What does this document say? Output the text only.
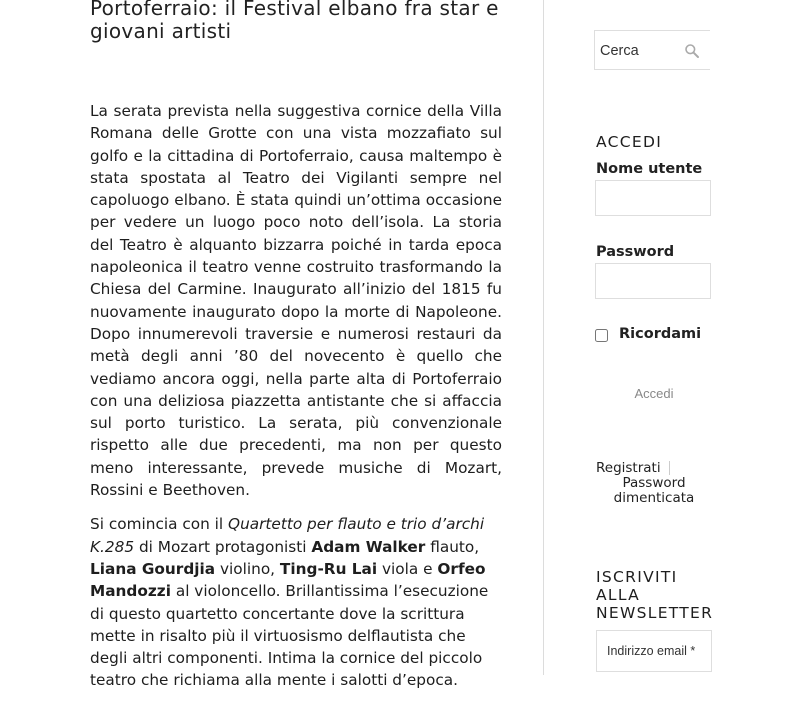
Portoferraio: il Festival elbano fra star e giovani artisti

La serata prevista nella suggestiva cornice della Villa Romana delle Grotte con una vista mozzafiato sul golfo e la cittadina di Portoferraio, causa maltempo è stata spostata al Teatro dei Vigilanti sempre nel capoluogo elbano. È stata quindi un’ottima occasione per vedere un luogo poco noto dell’isola. La storia del Teatro è alquanto bizzarra poiché in tarda epoca napoleonica il teatro venne costruito trasformando la Chiesa del Carmine. Inaugurato all’inizio del 1815 fu nuovamente inaugurato dopo la morte di Napoleone. Dopo innumerevoli traversie e numerosi restauri da metà degli anni ’80 del novecento è quello che vediamo ancora oggi, nella parte alta di Portoferraio con una deliziosa piazzetta antistante che si affaccia sul porto turistico. La serata, più convenzionale rispetto alle due precedenti, ma non per questo meno interessante, prevede musiche di Mozart, Rossini e Beethoven.

Si comincia con il Quartetto per flauto e trio d’archi K.285 di Mozart protagonisti Adam Walker flauto, Liana Gourdjia violino, Ting-Ru Lai viola e Orfeo Mandozzi al violoncello. Brillantissima l’esecuzione di questo quartetto concertante dove la scrittura mette in risalto più il virtuosismo delflautista che degli altri componenti. Intima la cornice del piccolo teatro che richiama alla mente i salotti d’epoca.

Cerca
ACCEDI
Nome utente
Password
Ricordami
Accedi
Registrati
Password dimenticata
ISCRIVITI ALLA NEWSLETTER
Indirizzo email *
